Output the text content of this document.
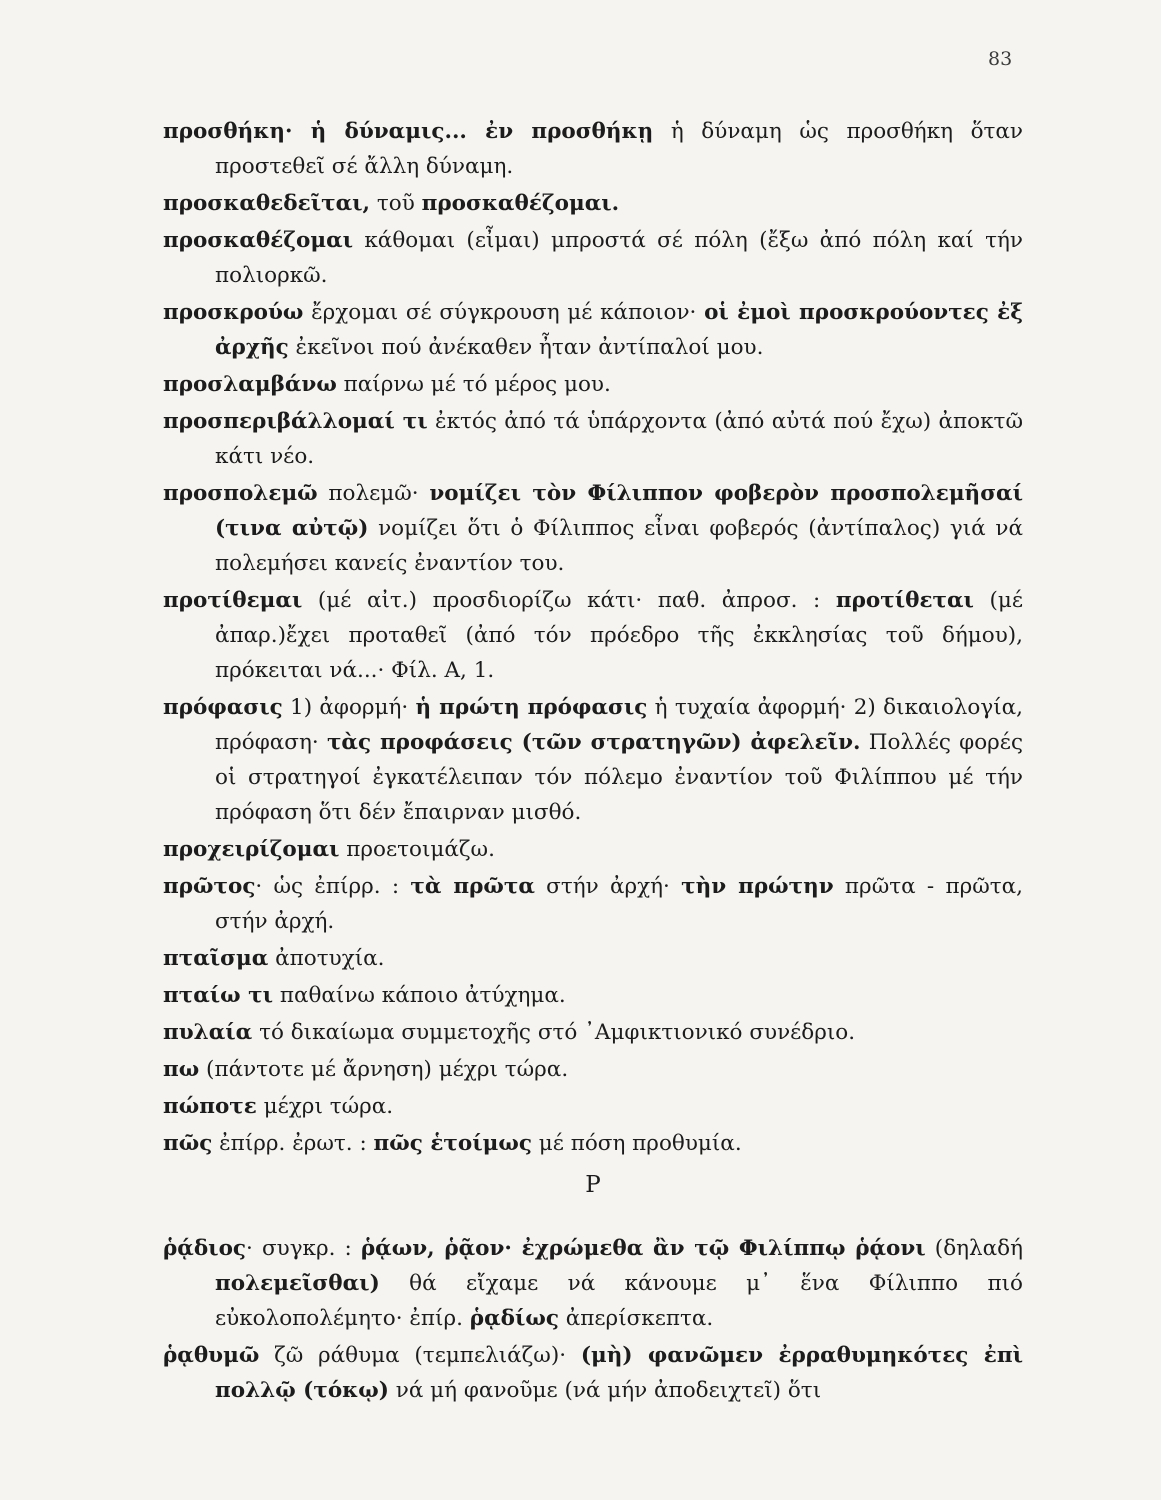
83
προσθήκη· ἡ δύναμις... ἐν προσθήκῃ ἡ δύναμη ὡς προσθήκη ὅταν προστεθεῖ σέ ἄλλη δύναμη.
προσκαθεδεῖται, τοῦ προσκαθέζομαι.
προσκαθέζομαι κάθομαι (εἶμαι) μπροστά σέ πόλη (ἔξω ἀπό πόλη καί τήν πολιορκῶ.
προσκρούω ἔρχομαι σέ σύγκρουση μέ κάποιον· οἱ ἐμοὶ προσκρούοντες ἐξ ἀρχῆς ἐκεῖνοι πού ἀνέκαθεν ἦταν ἀντίπαλοί μου.
προσλαμβάνω παίρνω μέ τό μέρος μου.
προσπεριβάλλομαί τι ἐκτός ἀπό τά ὑπάρχοντα (ἀπό αὐτά πού ἔχω) ἀποκτῶ κάτι νέο.
προσπολεμῶ πολεμῶ· νομίζει τὸν Φίλιππον φοβερὸν προσπολεμῆσαί (τινα αὐτῷ) νομίζει ὅτι ὁ Φίλιππος εἶναι φοβερός (ἀντίπαλος) γιά νά πολεμήσει κανείς ἐναντίον του.
προτίθεμαι (μέ αἰτ.) προσδιορίζω κάτι· παθ. ἀπροσ. : προτίθεται (μέ ἀπαρ.)ἔχει προταθεῖ (ἀπό τόν πρόεδρο τῆς ἐκκλησίας τοῦ δήμου), πρόκειται νά...· Φίλ. Α, 1.
πρόφασις 1) ἀφορμή· ἡ πρώτη πρόφασις ἡ τυχαία ἀφορμή· 2) δικαιολογία, πρόφαση· τὰς προφάσεις (τῶν στρατηγῶν) ἀφελεῖν. Πολλές φορές οἱ στρατηγοί ἐγκατέλειπαν τόν πόλεμο ἐναντίον τοῦ Φιλίππου μέ τήν πρόφαση ὅτι δέν ἔπαιρναν μισθό.
προχειρίζομαι προετοιμάζω.
πρῶτος· ὡς ἐπίρρ. : τὰ πρῶτα στήν ἀρχή· τὴν πρώτην πρῶτα - πρῶτα, στήν ἀρχή.
πταῖσμα ἀποτυχία.
πταίω τι παθαίνω κάποιο ἀτύχημα.
πυλαία τό δικαίωμα συμμετοχῆς στό ᾿Αμφικτιονικό συνέδριο.
πω (πάντοτε μέ ἄρνηση) μέχρι τώρα.
πώποτε μέχρι τώρα.
πῶς ἐπίρρ. ἐρωτ. : πῶς ἑτοίμως μέ πόση προθυμία.
Ρ
ῥᾴδιος· συγκρ. : ῥᾴων, ῥᾷον· ἐχρώμεθα ἂν τῷ Φιλίππῳ ῥᾴονι (δηλαδή πολεμεῖσθαι) θά εἴχαμε νά κάνουμε μ᾿ ἕνα Φίλιππο πιό εὐκολοπολέμητο· ἐπίρ. ῥᾳδίως ἀπερίσκεπτα.
ῥᾳθυμῶ ζῶ ράθυμα (τεμπελιάζω)· (μὴ) φανῶμεν ἐρραθυμηκότες ἐπὶ πολλῷ (τόκῳ) νά μή φανοῦμε (νά μήν ἀποδειχτεῖ) ὅτι
